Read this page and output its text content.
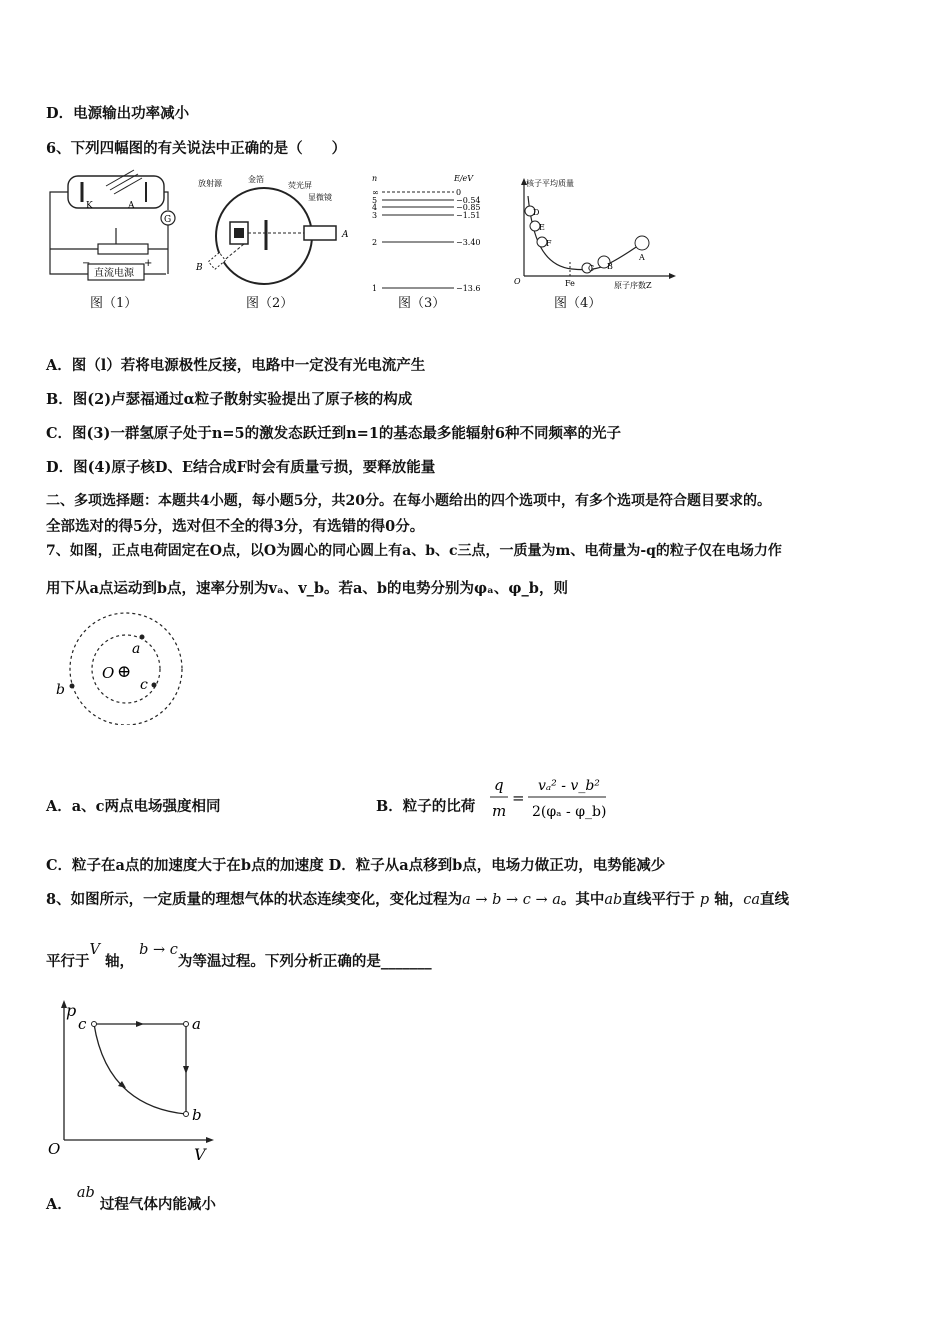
D．电源输出功率减小
6、下列四幅图的有关说法中正确的是（　　）
K	A
G
直流电源
−	+
图（1）
放射源	金箔
荧光屏
显微镜
A
B
图（2）
n	E/eV
∞	0
5	−0.54
4	−0.85
3	−1.51
2	−3.40
1	−13.6
图（3）
核子平均质量
原子序数Z
O	Fe
D
E
F
C B
A
图（4）
A．图（l）若将电源极性反接，电路中一定没有光电流产生
B．图(2)卢瑟福通过α粒子散射实验提出了原子核的构成
C．图(3)一群氢原子处于n=5的激发态跃迁到n=1的基态最多能辐射6种不同频率的光子
D．图(4)原子核D、E结合成F时会有质量亏损，要释放能量
二、多项选择题：本题共4小题，每小题5分，共20分。在每小题给出的四个选项中，有多个选项是符合题目要求的。
全部选对的得5分，选对但不全的得3分，有选错的得0分。
7、如图，正点电荷固定在O点，以O为圆心的同心圆上有a、b、c三点，一质量为m、电荷量为-q的粒子仅在电场力作
用下从a点运动到b点，速率分别为vₐ、v_b。若a、b的电势分别为φₐ、φ_b，则
O ⊕
a
b	c
A．a、c两点电场强度相同	B．粒子的比荷
q
m
=
vₐ² - v_b²
2(φₐ - φ_b)
C．粒子在a点的加速度大于在b点的加速度 D．粒子从a点移到b点，电场力做正功，电势能减少
8、如图所示，一定质量的理想气体的状态连续变化，变化过程为a → b → c → a。其中ab直线平行于 p 轴，ca直线
平行于V 轴， b → c为等温过程。下列分析正确的是_______
p
V
O
a
b
c
A． ab 过程气体内能减小
